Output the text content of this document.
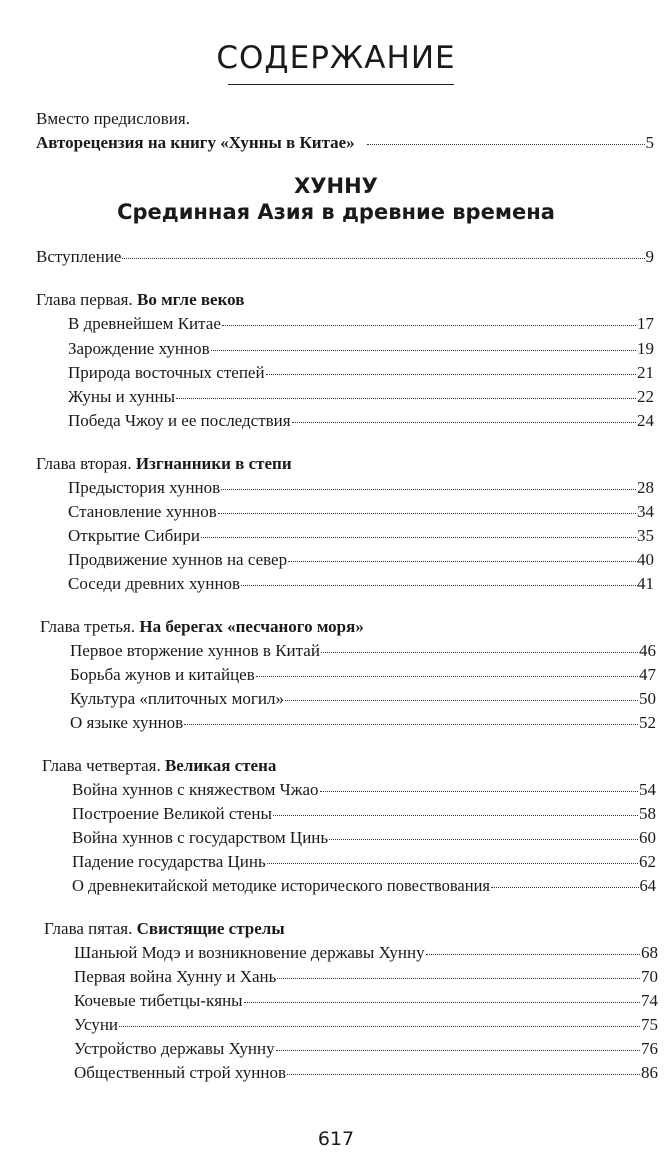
СОДЕРЖАНИЕ
Вместо предисловия.
Авторецензия на книгу «Хунны в Китае»	5
ХУННУ
Срединная Азия в древние времена
Вступление	9
Глава первая. Во мгле веков
В древнейшем Китае	17
Зарождение хуннов	19
Природа восточных степей	21
Жуны и хунны	22
Победа Чжоу и ее последствия	24
Глава вторая. Изгнанники в степи
Предыстория хуннов	28
Становление хуннов	34
Открытие Сибири	35
Продвижение хуннов на север	40
Соседи древних хуннов	41
Глава третья. На берегах «песчаного моря»
Первое вторжение хуннов в Китай	46
Борьба жунов и китайцев	47
Культура «плиточных могил»	50
О языке хуннов	52
Глава четвертая. Великая стена
Война хуннов с княжеством Чжао	54
Построение Великой стены	58
Война хуннов с государством Цинь	60
Падение государства Цинь	62
О древнекитайской методике исторического повествования	64
Глава пятая. Свистящие стрелы
Шаньюй Модэ и возникновение державы Хунну	68
Первая война Хунну и Хань	70
Кочевые тибетцы-кяны	74
Усуни	75
Устройство державы Хунну	76
Общественный строй хуннов	86
617
